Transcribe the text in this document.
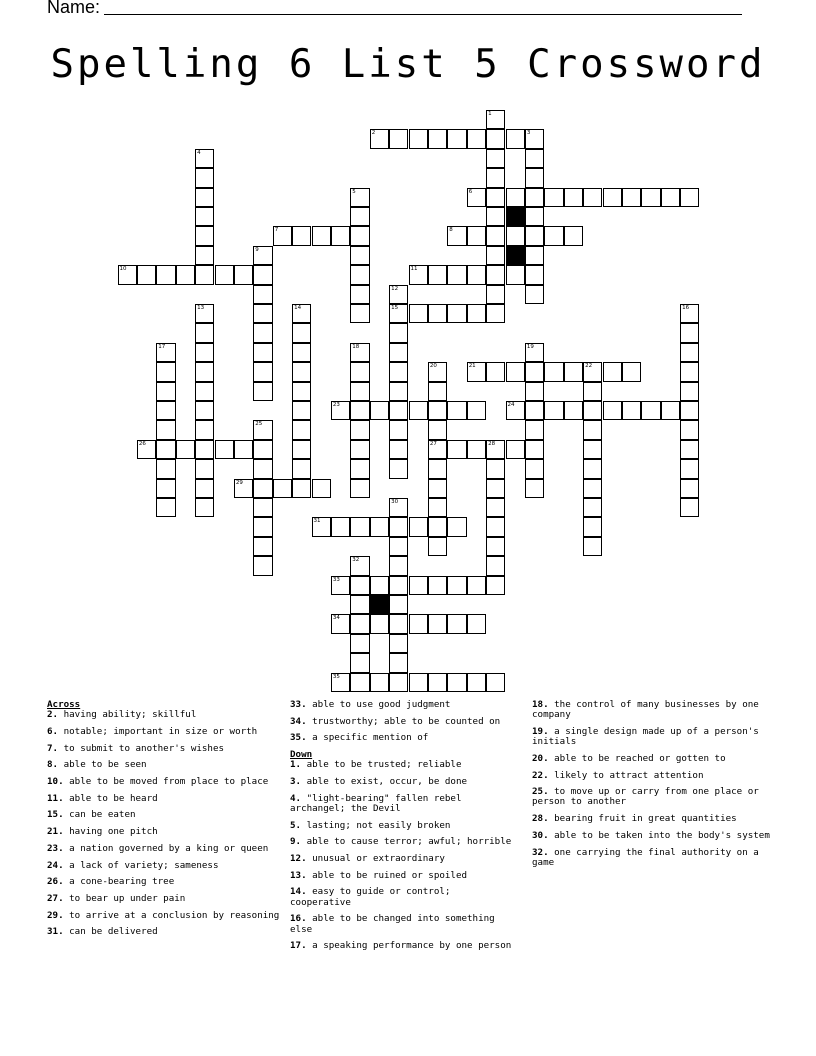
Name:
Spelling 6 List 5 Crossword
1
2	3
4
5	6
7	8
9
10	11
12
15
13	14	16
17	18	19
20
27
21	22
23	24
25
26	28
29
30
31
32
33
34
35
Across
2. having ability; skillful
6. notable; important in size or worth
7. to submit to another's wishes
8. able to be seen
10. able to be moved from place to place
11. able to be heard
15. can be eaten
21. having one pitch
23. a nation governed by a king or queen
24. a lack of variety; sameness
26. a cone-bearing tree
27. to bear up under pain
29. to arrive at a conclusion by reasoning
31. can be delivered
33. able to use good judgment
34. trustworthy; able to be counted on
35. a specific mention of
Down
1. able to be trusted; reliable
3. able to exist, occur, be done
4. "light-bearing" fallen rebel archangel; the Devil
5. lasting; not easily broken
9. able to cause terror; awful; horrible
12. unusual or extraordinary
13. able to be ruined or spoiled
14. easy to guide or control; cooperative
16. able to be changed into something else
17. a speaking performance by one person
18. the control of many businesses by one company
19. a single design made up of a person's initials
20. able to be reached or gotten to
22. likely to attract attention
25. to move up or carry from one place or person to another
28. bearing fruit in great quantities
30. able to be taken into the body's system
32. one carrying the final authority on a game
